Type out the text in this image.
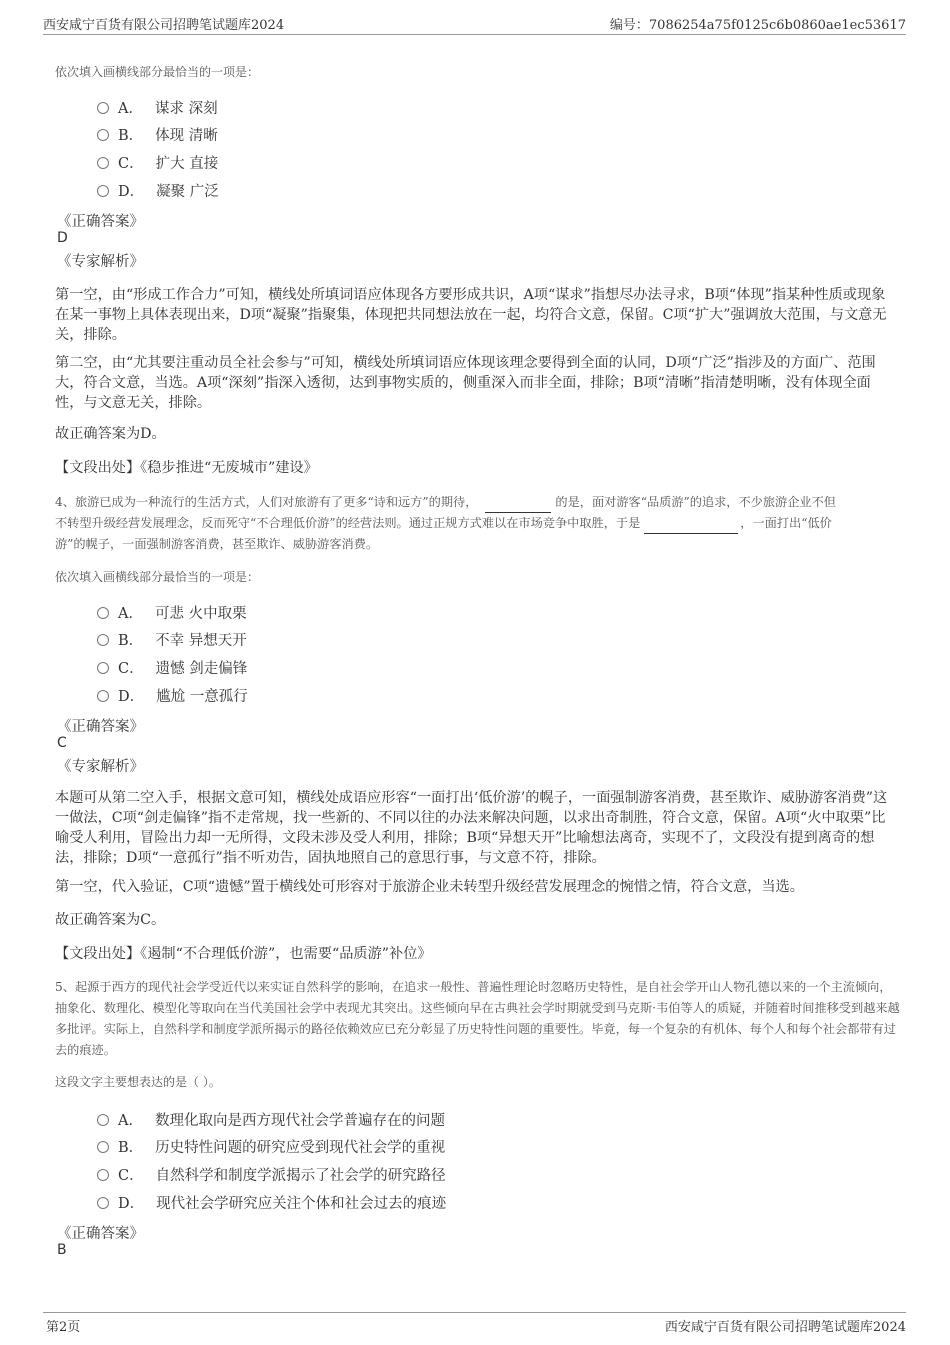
西安咸宁百货有限公司招聘笔试题库2024	编号：7086254a75f0125c6b0860ae1ec53617
依次填入画横线部分最恰当的一项是：
A． 谋求 深刻
B． 体现 清晰
C． 扩大 直接
D． 凝聚 广泛
《正确答案》
D
《专家解析》
第一空，由“形成工作合力”可知，横线处所填词语应体现各方要形成共识，A项“谋求”指想尽办法寻求，B项“体现”指某种性质或现象在某一事物上具体表现出来，D项“凝聚”指聚集，体现把共同想法放在一起，均符合文意，保留。C项“扩大”强调放大范围，与文意无关，排除。
第二空，由“尤其要注重动员全社会参与”可知，横线处所填词语应体现该理念要得到全面的认同，D项“广泛”指涉及的方面广、范围大，符合文意，当选。A项“深刻”指深入透彻，达到事物实质的，侧重深入而非全面，排除；B项“清晰”指清楚明晰，没有体现全面性，与文意无关，排除。
故正确答案为D。
【文段出处】《稳步推进“无废城市”建设》
4、旅游已成为一种流行的生活方式，人们对旅游有了更多“诗和远方”的期待，	的是，面对游客“品质游”的追求，不少旅游企业不但
不转型升级经营发展理念，反而死守“不合理低价游”的经营法则。通过正规方式难以在市场竞争中取胜，于是	，一面打出“低价
游”的幌子，一面强制游客消费，甚至欺诈、威胁游客消费。
依次填入画横线部分最恰当的一项是：
A． 可悲 火中取栗
B． 不幸 异想天开
C． 遗憾 剑走偏锋
D． 尴尬 一意孤行
《正确答案》
C
《专家解析》
本题可从第二空入手，根据文意可知，横线处成语应形容“一面打出‘低价游’的幌子，一面强制游客消费，甚至欺诈、威胁游客消费”这一做法，C项“剑走偏锋”指不走常规，找一些新的、不同以往的办法来解决问题，以求出奇制胜，符合文意，保留。A项“火中取栗”比喻受人利用，冒险出力却一无所得，文段未涉及受人利用，排除；B项“异想天开”比喻想法离奇，实现不了，文段没有提到离奇的想法，排除；D项“一意孤行”指不听劝告，固执地照自己的意思行事，与文意不符，排除。
第一空，代入验证，C项“遗憾”置于横线处可形容对于旅游企业未转型升级经营发展理念的惋惜之情，符合文意，当选。
故正确答案为C。
【文段出处】《遏制“不合理低价游”，也需要“品质游”补位》
5、起源于西方的现代社会学受近代以来实证自然科学的影响，在追求一般性、普遍性理论时忽略历史特性，是自社会学开山人物孔德以来的一个主流倾向，抽象化、数理化、模型化等取向在当代美国社会学中表现尤其突出。这些倾向早在古典社会学时期就受到马克斯·韦伯等人的质疑，并随着时间推移受到越来越多批评。实际上，自然科学和制度学派所揭示的路径依赖效应已充分彰显了历史特性问题的重要性。毕竟，每一个复杂的有机体、每个人和每个社会都带有过去的痕迹。
这段文字主要想表达的是（ ）。
A． 数理化取向是西方现代社会学普遍存在的问题
B． 历史特性问题的研究应受到现代社会学的重视
C． 自然科学和制度学派揭示了社会学的研究路径
D． 现代社会学研究应关注个体和社会过去的痕迹
《正确答案》
B
第2页	西安咸宁百货有限公司招聘笔试题库2024
